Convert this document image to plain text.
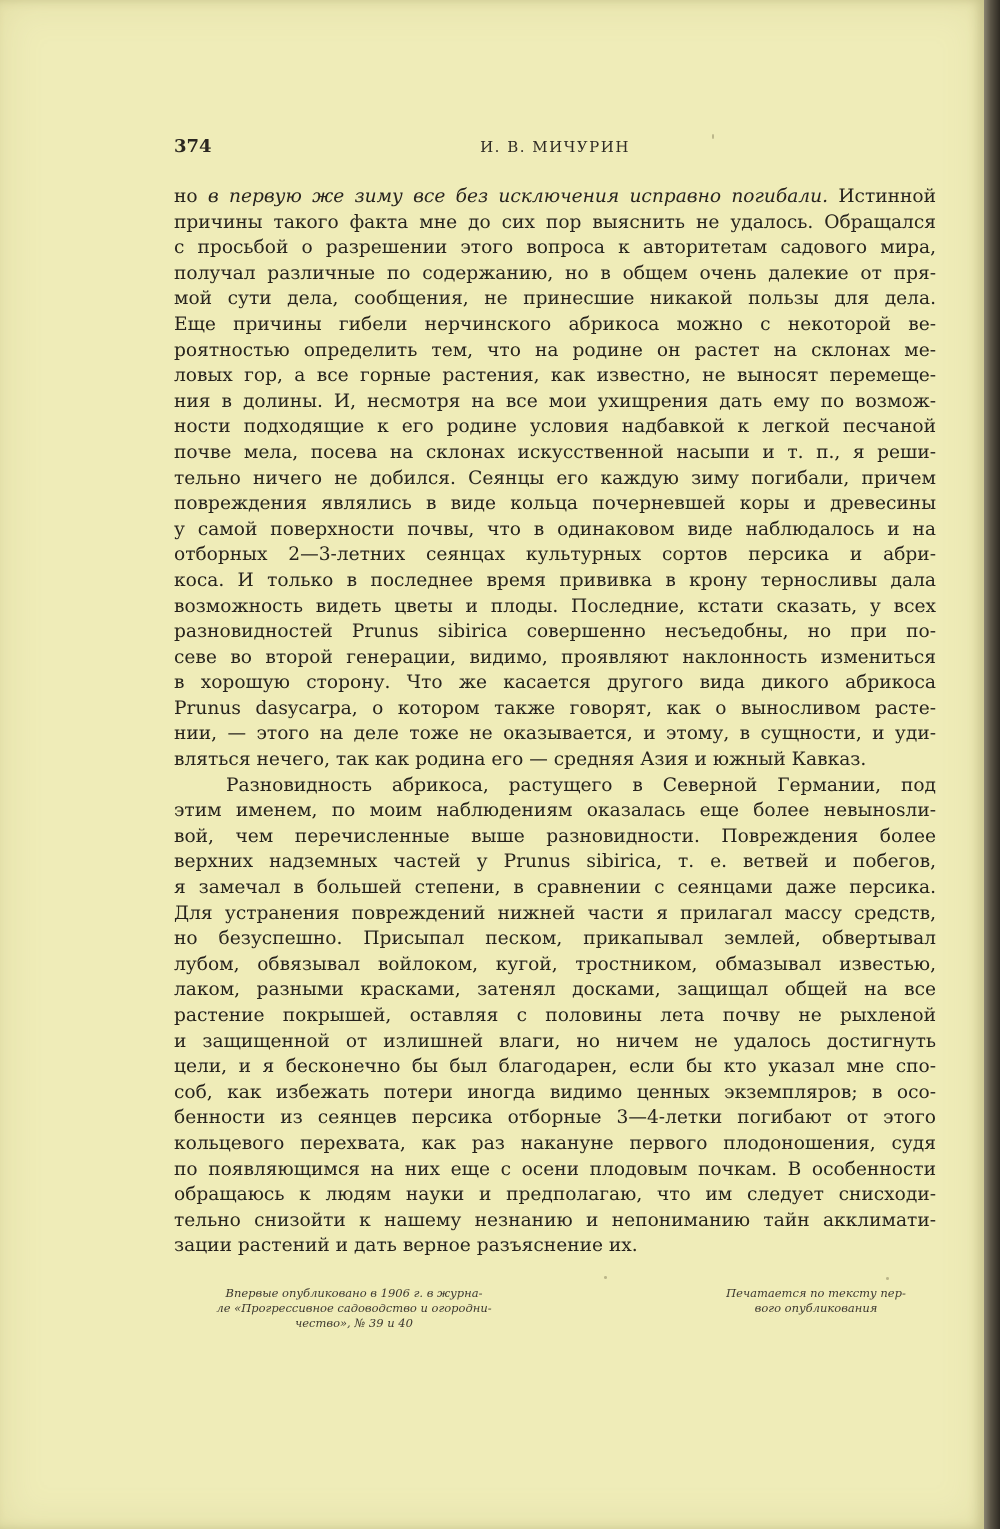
374	И. В. МИЧУРИН
но в первую же зиму все без исключения исправно погибали. Истинной
причины такого факта мне до сих пор выяснить не удалось. Обращался
с просьбой о разрешении этого вопроса к авторитетам садового мира,
получал различные по содержанию, но в общем очень далекие от пря-
мой сути дела, сообщения, не принесшие никакой пользы для дела.
Еще причины гибели нерчинского абрикоса можно с некоторой ве-
роятностью определить тем, что на родине он растет на склонах ме-
ловых гор, а все горные растения, как известно, не выносят перемеще-
ния в долины. И, несмотря на все мои ухищрения дать ему по возмож-
ности подходящие к его родине условия надбавкой к легкой песчаной
почве мела, посева на склонах искусственной насыпи и т. п., я реши-
тельно ничего не добился. Сеянцы его каждую зиму погибали, причем
повреждения являлись в виде кольца почерневшей коры и древесины
у самой поверхности почвы, что в одинаковом виде наблюдалось и на
отборных 2—3-летних сеянцах культурных сортов персика и абри-
коса. И только в последнее время прививка в крону терносливы дала
возможность видеть цветы и плоды. Последние, кстати сказать, у всех
разновидностей Prunus sibirica совершенно несъедобны, но при по-
севе во второй генерации, видимо, проявляют наклонность измениться
в хорошую сторону. Что же касается другого вида дикого абрикоса
Prunus dasycarpa, о котором также говорят, как о выносливом расте-
нии, — этого на деле тоже не оказывается, и этому, в сущности, и уди-
вляться нечего, так как родина его — средняя Азия и южный Кавказ.
Разновидность абрикоса, растущего в Северной Германии, под
этим именем, по моим наблюдениям оказалась еще более невынosли-
вой, чем перечисленные выше разновидности. Повреждения более
верхних надземных частей у Prunus sibirica, т. е. ветвей и побегов,
я замечал в большей степени, в сравнении с сеянцами даже персика.
Для устранения повреждений нижней части я прилагал массу средств,
но безуспешно. Присыпал песком, прикапывал землей, обвертывал
лубом, обвязывал войлоком, кугой, тростником, обмазывал известью,
лаком, разными красками, затенял досками, защищал общей на все
растение покрышей, оставляя с половины лета почву не рыхленой
и защищенной от излишней влаги, но ничем не удалось достигнуть
цели, и я бесконечно бы был благодарен, если бы кто указал мне спо-
соб, как избежать потери иногда видимо ценных экземпляров; в осо-
бенности из сеянцев персика отборные 3—4-летки погибают от этого
кольцевого перехвата, как раз накануне первого плодоношения, судя
по появляющимся на них еще с осени плодовым почкам. В особенности
обращаюсь к людям науки и предполагаю, что им следует снисходи-
тельно снизойти к нашему незнанию и непониманию тайн акклимати-
зации растений и дать верное разъяснение их.
Впервые опубликовано в 1906 г. в журна-
ле «Прогрессивное садоводство и огородни-
чество», № 39 и 40
Печатается по тексту пер-
вого опубликования
